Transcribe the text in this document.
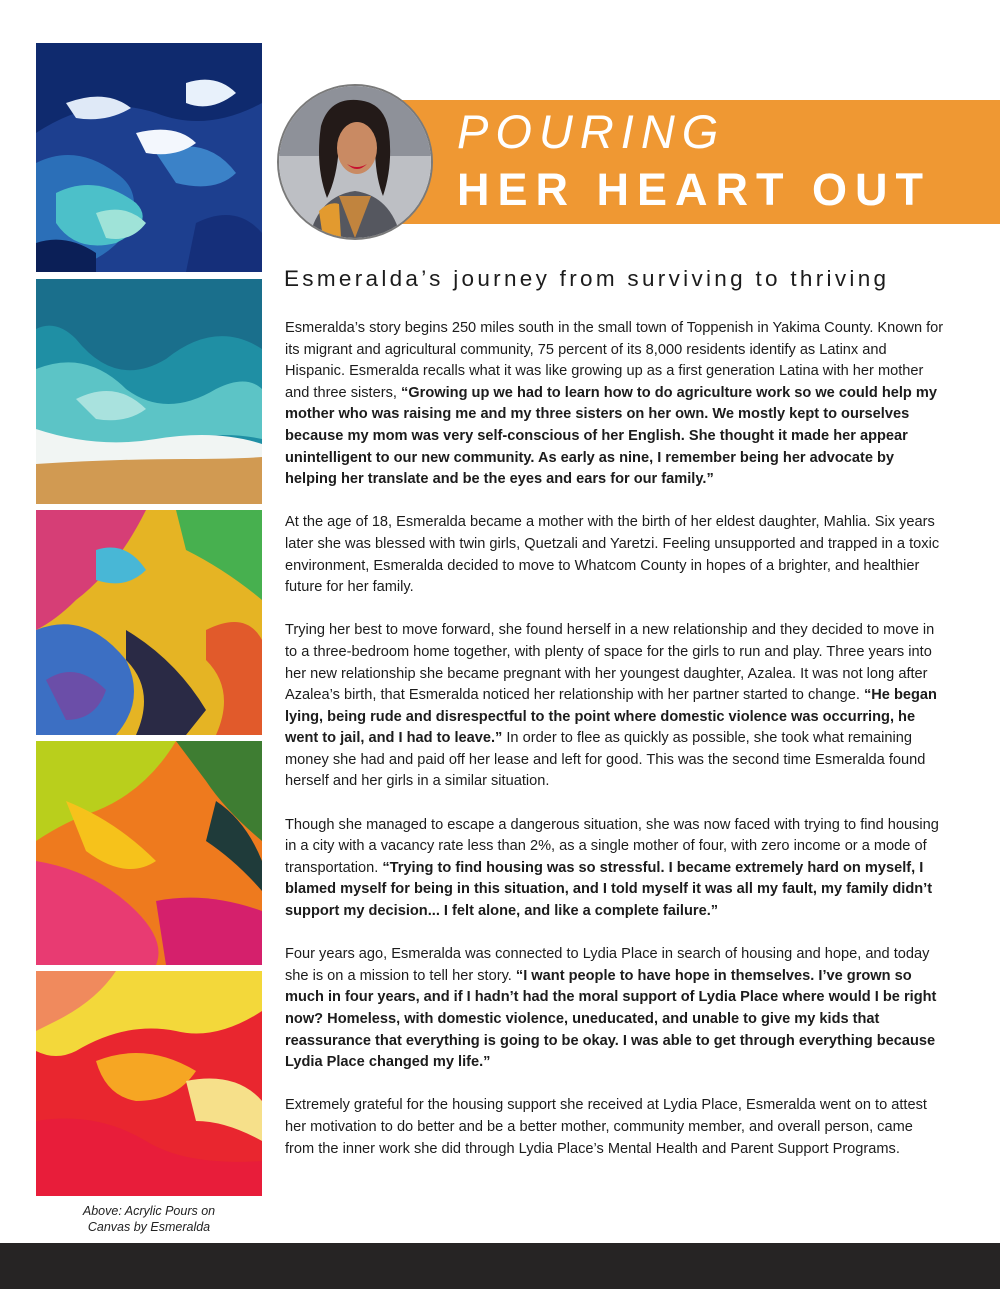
Above: Acrylic Pours on
Canvas by Esmeralda
POURING
HER HEART OUT
Esmeralda’s journey from surviving to thriving

Esmeralda’s story begins 250 miles south in the small town of Toppenish in Yakima County. Known for its migrant and agricultural community, 75 percent of its 8,000 residents identify as Latinx and Hispanic. Esmeralda recalls what it was like growing up as a first generation Latina with her mother and three sisters, “Growing up we had to learn how to do agriculture work so we could help my mother who was raising me and my three sisters on her own. We mostly kept to ourselves because my mom was very self-conscious of her English. She thought it made her appear unintelligent to our new community. As early as nine, I remember being her advocate by helping her translate and be the eyes and ears for our family.”

At the age of 18, Esmeralda became a mother with the birth of her eldest daughter, Mahlia. Six years later she was blessed with twin girls, Quetzali and Yaretzi. Feeling unsupported and trapped in a toxic environment, Esmeralda decided to move to Whatcom County in hopes of a brighter, and healthier future for her family.

Trying her best to move forward, she found herself in a new relationship and they decided to move in to a three-bedroom home together, with plenty of space for the girls to run and play. Three years into her new relationship she became pregnant with her youngest daughter, Azalea. It was not long after Azalea’s birth, that Esmeralda noticed her relationship with her partner started to change. “He began lying, being rude and disrespectful to the point where domestic violence was occurring, he went to jail, and I had to leave.” In order to flee as quickly as possible, she took what remaining money she had and paid off her lease and left for good. This was the second time Esmeralda found herself and her girls in a similar situation.

Though she managed to escape a dangerous situation, she was now faced with trying to find housing in a city with a vacancy rate less than 2%, as a single mother of four, with zero income or a mode of transportation. “Trying to find housing was so stressful. I became extremely hard on myself, I blamed myself for being in this situation, and I told myself it was all my fault, my family didn’t support my decision... I felt alone, and like a complete failure.”

Four years ago, Esmeralda was connected to Lydia Place in search of housing and hope, and today she is on a mission to tell her story. “I want people to have hope in themselves. I’ve grown so much in four years, and if I hadn’t had the moral support of Lydia Place where would I be right now? Homeless, with domestic violence, uneducated, and unable to give my kids that reassurance that everything is going to be okay. I was able to get through everything because Lydia Place changed my life.”

Extremely grateful for the housing support she received at Lydia Place, Esmeralda went on to attest her motivation to do better and be a better mother, community member, and overall person, came from the inner work she did through Lydia Place’s Mental Health and Parent Support Programs.
